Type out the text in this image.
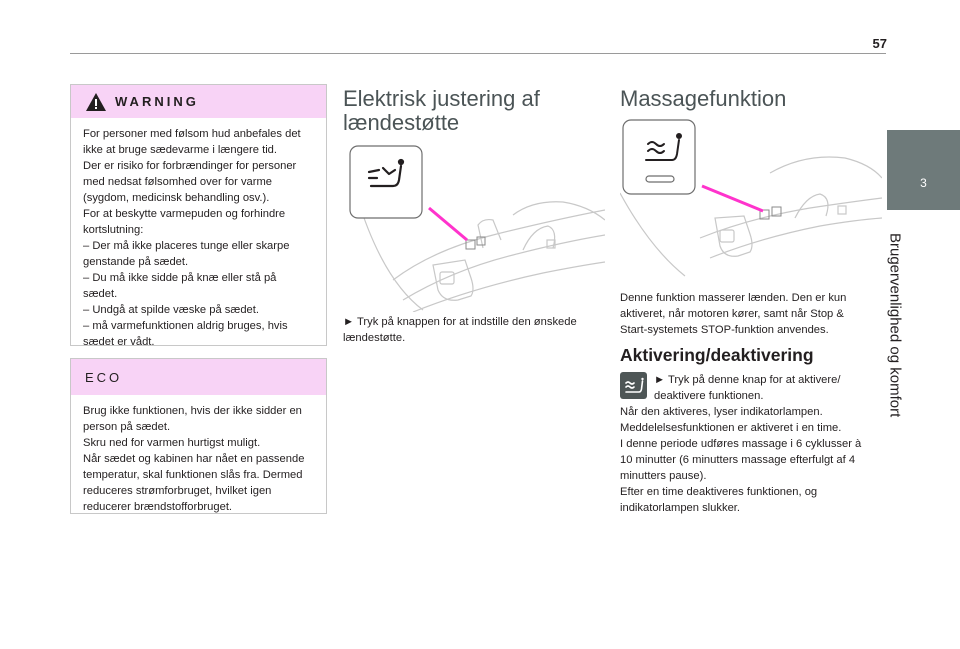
57
3
Brugervenlighed og komfort
WARNING
For personer med følsom hud anbefales det
ikke at bruge sædevarme i længere tid.
Der er risiko for forbrændinger for personer
med nedsat følsomhed over for varme
(sygdom, medicinsk behandling osv.).
For at beskytte varmepuden og forhindre
kortslutning:
– Der må ikke placeres tunge eller skarpe
genstande på sædet.
– Du må ikke sidde på knæ eller stå på
sædet.
– Undgå at spilde væske på sædet.
– må varmefunktionen aldrig bruges, hvis
sædet er vådt.
ECO
Brug ikke funktionen, hvis der ikke sidder en
person på sædet.
Skru ned for varmen hurtigst muligt.
Når sædet og kabinen har nået en passende
temperatur, skal funktionen slås fra. Dermed
reduceres strømforbruget, hvilket igen
reducerer brændstofforbruget.
Elektrisk justering af
lændestøtte
► Tryk på knappen for at indstille den ønskede
lændestøtte.
Massagefunktion
Denne funktion masserer lænden. Den er kun
aktiveret, når motoren kører, samt når Stop &
Start-systemets STOP-funktion anvendes.
Aktivering/deaktivering
► Tryk på denne knap for at aktivere/
deaktivere funktionen.
Når den aktiveres, lyser indikatorlampen.
Meddelelsesfunktionen er aktiveret i en time.
I denne periode udføres massage i 6 cyklusser à
10 minutter (6 minutters massage efterfulgt af 4
minutters pause).
Efter en time deaktiveres funktionen, og
indikatorlampen slukker.
